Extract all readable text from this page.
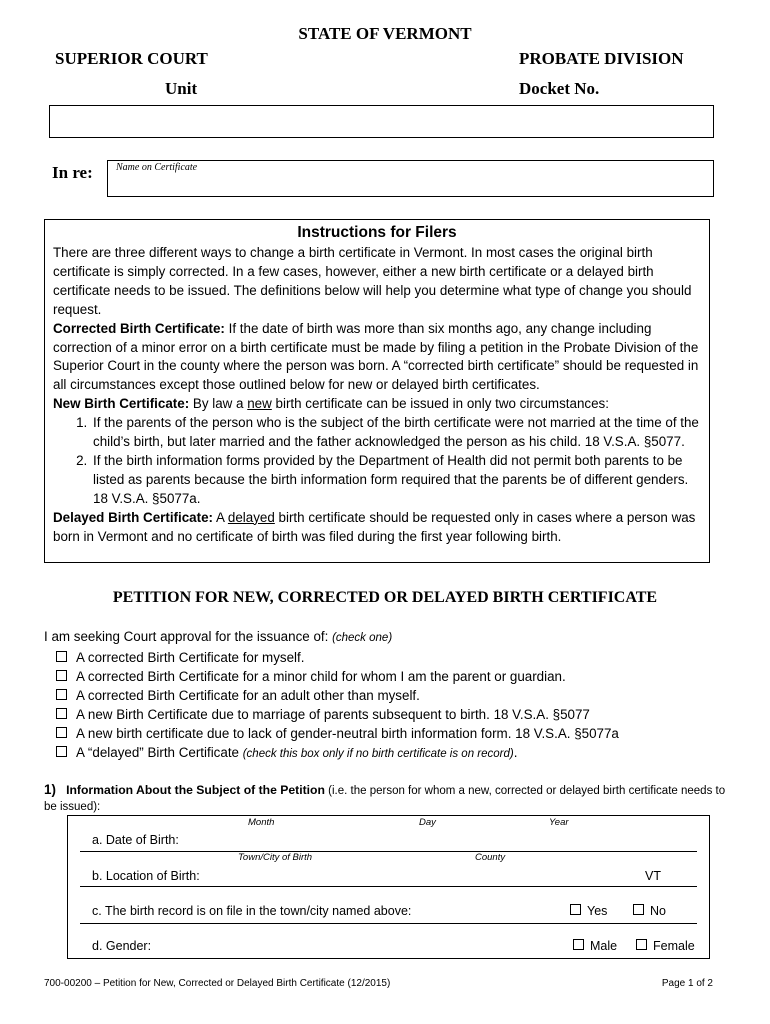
STATE OF VERMONT
SUPERIOR COURT	PROBATE DIVISION
Unit	Docket No.
In re: Name on Certificate
Instructions for Filers

There are three different ways to change a birth certificate in Vermont. In most cases the original birth certificate is simply corrected. In a few cases, however, either a new birth certificate or a delayed birth certificate needs to be issued. The definitions below will help you determine what type of change you should request.

Corrected Birth Certificate: If the date of birth was more than six months ago, any change including correction of a minor error on a birth certificate must be made by filing a petition in the Probate Division of the Superior Court in the county where the person was born. A “corrected birth certificate” should be requested in all circumstances except those outlined below for new or delayed birth certificates.

New Birth Certificate: By law a new birth certificate can be issued in only two circumstances:

1. If the parents of the person who is the subject of the birth certificate were not married at the time of the child’s birth, but later married and the father acknowledged the person as his child. 18 V.S.A. §5077.
2. If the birth information forms provided by the Department of Health did not permit both parents to be listed as parents because the birth information form required that the parents be of different genders. 18 V.S.A. §5077a.

Delayed Birth Certificate: A delayed birth certificate should be requested only in cases where a person was born in Vermont and no certificate of birth was filed during the first year following birth.

PETITION FOR NEW, CORRECTED OR DELAYED BIRTH CERTIFICATE
I am seeking Court approval for the issuance of: (check one)
A corrected Birth Certificate for myself.
A corrected Birth Certificate for a minor child for whom I am the parent or guardian.
A corrected Birth Certificate for an adult other than myself.
A new Birth Certificate due to marriage of parents subsequent to birth. 18 V.S.A. §5077
A new birth certificate due to lack of gender-neutral birth information form. 18 V.S.A. §5077a
A “delayed” Birth Certificate (check this box only if no birth certificate is on record).
1) Information About the Subject of the Petition (i.e. the person for whom a new, corrected or delayed birth certificate needs to be issued):
Month	Day	Year
a. Date of Birth:
Town/City of Birth	County
b. Location of Birth:	VT
c. The birth record is on file in the town/city named above:	Yes	No
d. Gender:	Male	Female
700-00200 – Petition for New, Corrected or Delayed Birth Certificate (12/2015)	Page 1 of 2
